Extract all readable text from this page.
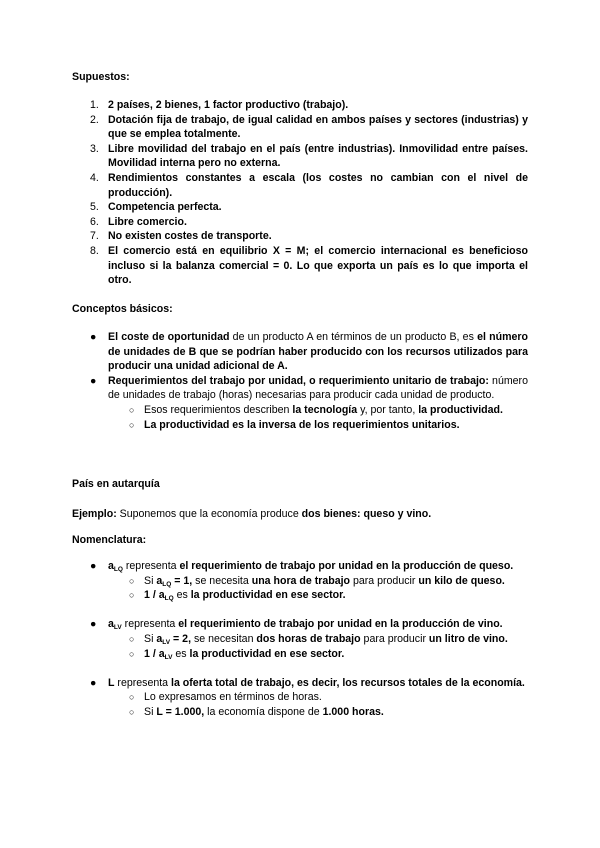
Supuestos:
1. 2 países, 2 bienes, 1 factor productivo (trabajo).
2. Dotación fija de trabajo, de igual calidad en ambos países y sectores (industrias) y que se emplea totalmente.
3. Libre movilidad del trabajo en el país (entre industrias). Inmovilidad entre países. Movilidad interna pero no externa.
4. Rendimientos constantes a escala (los costes no cambian con el nivel de producción).
5. Competencia perfecta.
6. Libre comercio.
7. No existen costes de transporte.
8. El comercio está en equilibrio X = M; el comercio internacional es beneficioso incluso si la balanza comercial = 0. Lo que exporta un país es lo que importa el otro.
Conceptos básicos:
● El coste de oportunidad de un producto A en términos de un producto B, es el número de unidades de B que se podrían haber producido con los recursos utilizados para producir una unidad adicional de A.
● Requerimientos del trabajo por unidad, o requerimiento unitario de trabajo: número de unidades de trabajo (horas) necesarias para producir cada unidad de producto.
○ Esos requerimientos describen la tecnología y, por tanto, la productividad.
○ La productividad es la inversa de los requerimientos unitarios.
País en autarquía
Ejemplo: Suponemos que la economía produce dos bienes: queso y vino.
Nomenclatura:
● $a_{LQ}$ representa el requerimiento de trabajo por unidad en la producción de queso.
○ Si $a_{LQ} = 1$, se necesita una hora de trabajo para producir un kilo de queso.
○ $1 / a_{LQ}$ es la productividad en ese sector.
● $a_{LV}$ representa el requerimiento de trabajo por unidad en la producción de vino.
○ Si $a_{LV} = 2$, se necesitan dos horas de trabajo para producir un litro de vino.
○ $1 / a_{LV}$ es la productividad en ese sector.
● L representa la oferta total de trabajo, es decir, los recursos totales de la economía.
○ Lo expresamos en términos de horas.
○ Si L = 1.000, la economía dispone de 1.000 horas.
